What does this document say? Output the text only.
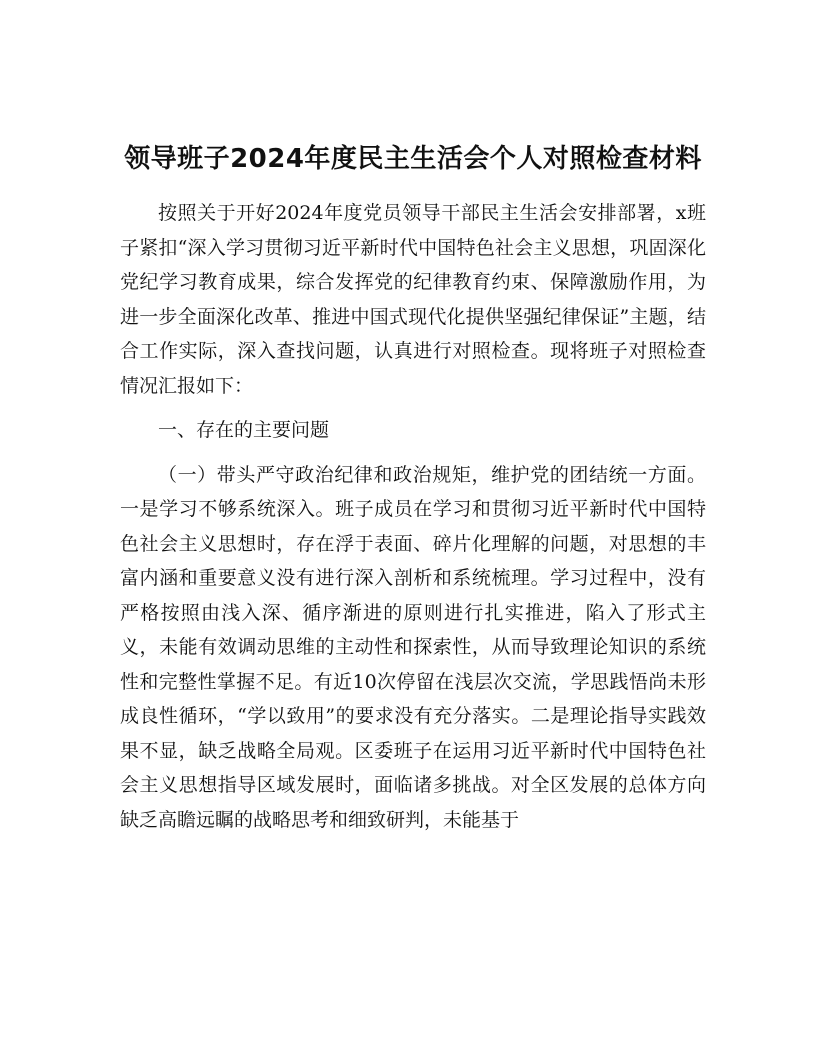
领导班子2024年度民主生活会个人对照检查材料

按照关于开好2024年度党员领导干部民主生活会安排部署，x班子紧扣“深入学习贯彻习近平新时代中国特色社会主义思想，巩固深化党纪学习教育成果，综合发挥党的纪律教育约束、保障激励作用，为进一步全面深化改革、推进中国式现代化提供坚强纪律保证”主题，结合工作实际，深入查找问题，认真进行对照检查。现将班子对照检查情况汇报如下：

一、存在的主要问题

（一）带头严守政治纪律和政治规矩，维护党的团结统一方面。一是学习不够系统深入。班子成员在学习和贯彻习近平新时代中国特色社会主义思想时，存在浮于表面、碎片化理解的问题，对思想的丰富内涵和重要意义没有进行深入剖析和系统梳理。学习过程中，没有严格按照由浅入深、循序渐进的原则进行扎实推进，陷入了形式主义，未能有效调动思维的主动性和探索性，从而导致理论知识的系统性和完整性掌握不足。有近10次停留在浅层次交流，学思践悟尚未形成良性循环，“学以致用”的要求没有充分落实。二是理论指导实践效果不显，缺乏战略全局观。区委班子在运用习近平新时代中国特色社会主义思想指导区域发展时，面临诸多挑战。对全区发展的总体方向缺乏高瞻远瞩的战略思考和细致研判，未能基于
